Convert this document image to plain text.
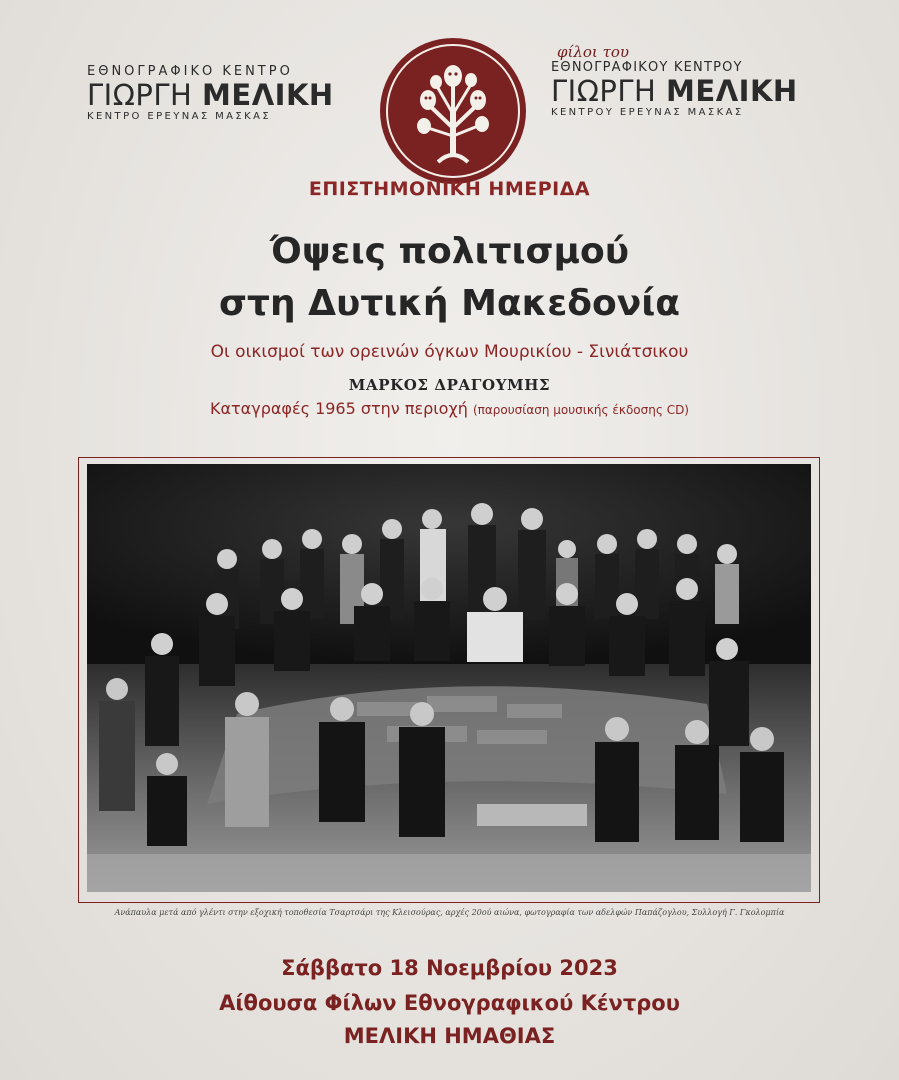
ΕΘΝΟΓΡΑΦΙΚΟ ΚΕΝΤΡΟ
ΓΙΩΡΓΗ ΜΕΛΙΚΗ
ΚΕΝΤΡΟ ΕΡΕΥΝΑΣ ΜΑΣΚΑΣ
φίλοι του
ΕΘΝΟΓΡΑΦΙΚΟΥ ΚΕΝΤΡΟΥ
ΓΙΩΡΓΗ ΜΕΛΙΚΗ
ΚΕΝΤΡΟΥ ΕΡΕΥΝΑΣ ΜΑΣΚΑΣ
ΕΠΙΣΤΗΜΟΝΙΚΗ ΗΜΕΡΙΔΑ
Όψεις πολιτισμού
στη Δυτική Μακεδονία
Οι οικισμοί των ορεινών όγκων Μουρικίου - Σινιάτσικου
ΜΑΡΚΟΣ ΔΡΑΓΟΥΜΗΣ
Καταγραφές 1965 στην περιοχή (παρουσίαση μουσικής έκδοσης CD)
Ανάπαυλα μετά από γλέντι στην εξοχική τοποθεσία Τσαρτσάρι της Κλεισούρας, αρχές 20ού αιώνα, φωτογραφία των αδελφών Παπάζογλου, Συλλογή Γ. Γκολομπία
Σάββατο 18 Νοεμβρίου 2023
Αίθουσα Φίλων Εθνογραφικού Κέντρου
ΜΕΛΙΚΗ ΗΜΑΘΙΑΣ
